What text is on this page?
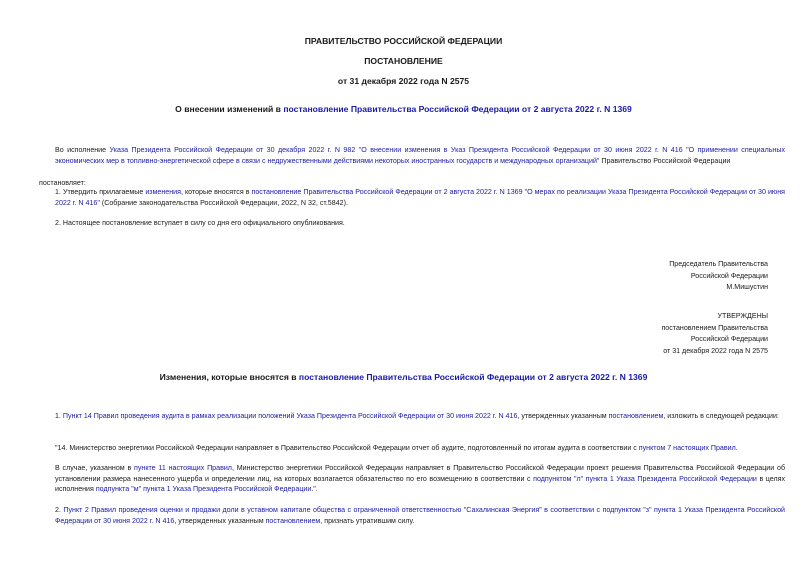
ПРАВИТЕЛЬСТВО РОССИЙСКОЙ ФЕДЕРАЦИИ
ПОСТАНОВЛЕНИЕ
от 31 декабря 2022 года N 2575
О внесении изменений в постановление Правительства Российской Федерации от 2 августа 2022 г. N 1369
Во исполнение Указа Президента Российской Федерации от 30 декабря 2022 г. N 982 "О внесении изменения в Указ Президента Российской Федерации от 30 июня 2022 г. N 416 "О применении специальных экономических мер в топливно-энергетической сфере в связи с недружественными действиями некоторых иностранных государств и международных организаций" Правительство Российской Федерации
постановляет:
1. Утвердить прилагаемые изменения, которые вносятся в постановление Правительства Российской Федерации от 2 августа 2022 г. N 1369 "О мерах по реализации Указа Президента Российской Федерации от 30 июня 2022 г. N 416" (Собрание законодательства Российской Федерации, 2022, N 32, ст.5842).
2. Настоящее постановление вступает в силу со дня его официального опубликования.
Председатель Правительства
Российской Федерации
М.Мишустин
УТВЕРЖДЕНЫ
постановлением Правительства
Российской Федерации
от 31 декабря 2022 года N 2575
Изменения, которые вносятся в постановление Правительства Российской Федерации от 2 августа 2022 г. N 1369
1. Пункт 14 Правил проведения аудита в рамках реализации положений Указа Президента Российской Федерации от 30 июня 2022 г. N 416, утвержденных указанным постановлением, изложить в следующей редакции:
"14. Министерство энергетики Российской Федерации направляет в Правительство Российской Федерации отчет об аудите, подготовленный по итогам аудита в соответствии с пунктом 7 настоящих Правил.
В случае, указанном в пункте 11 настоящих Правил, Министерство энергетики Российской Федерации направляет в Правительство Российской Федерации проект решения Правительства Российской Федерации об установлении размера нанесенного ущерба и определении лиц, на которых возлагается обязательство по его возмещению в соответствии с подпунктом "л" пункта 1 Указа Президента Российской Федерации в целях исполнения подпункта "м" пункта 1 Указа Президента Российской Федерации.".
2. Пункт 2 Правил проведения оценки и продажи доли в уставном капитале общества с ограниченной ответственностью "Сахалинская Энергия" в соответствии с подпунктом "з" пункта 1 Указа Президента Российской Федерации от 30 июня 2022 г. N 416, утвержденных указанным постановлением, признать утратившим силу.
